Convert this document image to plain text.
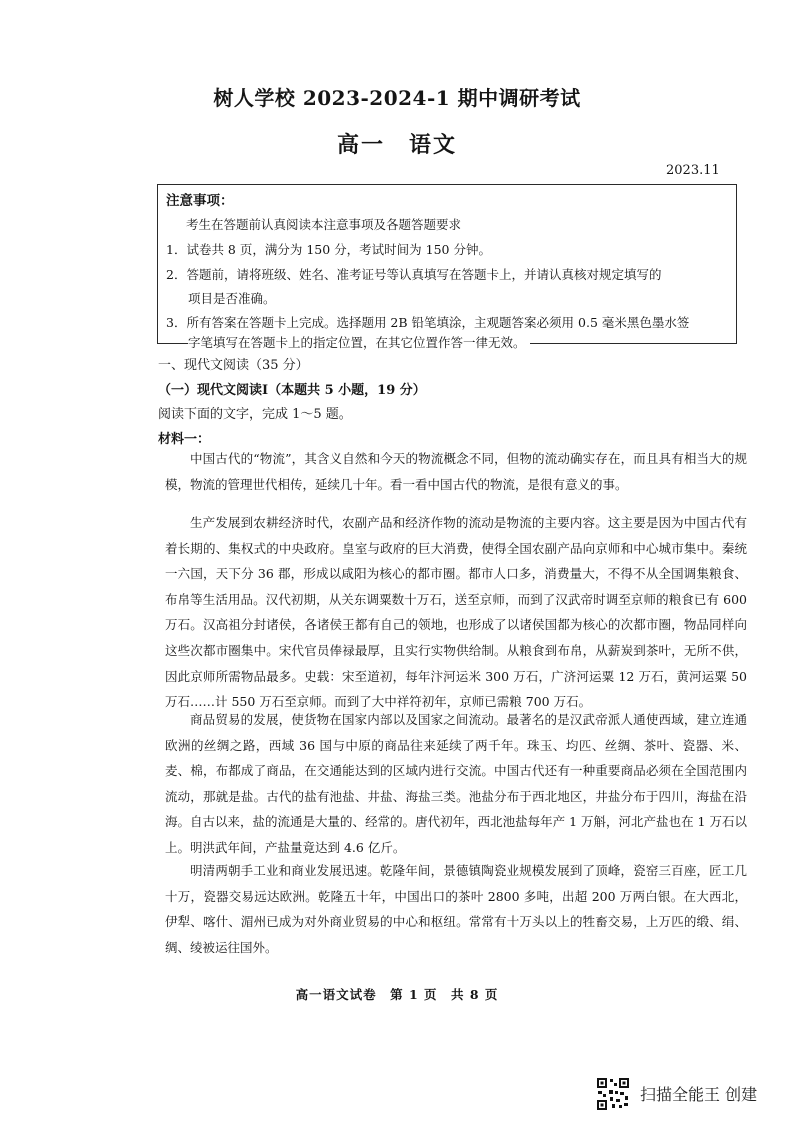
树人学校 2023-2024-1 期中调研考试
高一　语文
2023.11
注意事项：
考生在答题前认真阅读本注意事项及各题答题要求
1．试卷共 8 页，满分为 150 分，考试时间为 150 分钟。
2．答题前，请将班级、姓名、准考证号等认真填写在答题卡上，并请认真核对规定填写的
项目是否准确。
3．所有答案在答题卡上完成。选择题用 2B 铅笔填涂，主观题答案必须用 0.5 毫米黑色墨水签
字笔填写在答题卡上的指定位置，在其它位置作答一律无效。
一、现代文阅读（35 分）
（一）现代文阅读Ⅰ（本题共 5 小题，19 分）
阅读下面的文字，完成 1～5 题。
材料一：

中国古代的“物流”，其含义自然和今天的物流概念不同，但物的流动确实存在，而且具有相当大的规模，物流的管理世代相传，延续几十年。看一看中国古代的物流，是很有意义的事。

生产发展到农耕经济时代，农副产品和经济作物的流动是物流的主要内容。这主要是因为中国古代有着长期的、集权式的中央政府。皇室与政府的巨大消费，使得全国农副产品向京师和中心城市集中。秦统一六国，天下分 36 郡，形成以咸阳为核心的都市圈。都市人口多，消费量大，不得不从全国调集粮食、布帛等生活用品。汉代初期，从关东调粟数十万石，送至京师，而到了汉武帝时调至京师的粮食已有 600 万石。汉高祖分封诸侯，各诸侯王都有自己的领地，也形成了以诸侯国都为核心的次都市圈，物品同样向这些次都市圈集中。宋代官员俸禄最厚，且实行实物供给制。从粮食到布帛，从薪炭到茶叶，无所不供，因此京师所需物品最多。史载：宋至道初，每年汴河运米 300 万石，广济河运粟 12 万石，黄河运粟 50 万石……计 550 万石至京师。而到了大中祥符初年，京师已需粮 700 万石。

商品贸易的发展，使货物在国家内部以及国家之间流动。最著名的是汉武帝派人通使西域，建立连通欧洲的丝绸之路，西域 36 国与中原的商品往来延续了两千年。珠玉、均匹、丝绸、茶叶、瓷器、米、麦、棉，布都成了商品，在交通能达到的区域内进行交流。中国古代还有一种重要商品必须在全国范围内流动，那就是盐。古代的盐有池盐、井盐、海盐三类。池盐分布于西北地区，井盐分布于四川，海盐在沿海。自古以来，盐的流通是大量的、经常的。唐代初年，西北池盐每年产 1 万斛，河北产盐也在 1 万石以上。明洪武年间，产盐量竟达到 4.6 亿斤。

明清两朝手工业和商业发展迅速。乾隆年间，景德镇陶瓷业规模发展到了顶峰，瓷窑三百座，匠工几十万，瓷器交易远达欧洲。乾隆五十年，中国出口的茶叶 2800 多吨，出超 200 万两白银。在大西北，伊犁、喀什、湄州已成为对外商业贸易的中心和枢纽。常常有十万头以上的牲畜交易，上万匹的缎、绢、绸、绫被运往国外。

高一语文试卷　第 1 页　共 8 页
扫描全能王 创建
